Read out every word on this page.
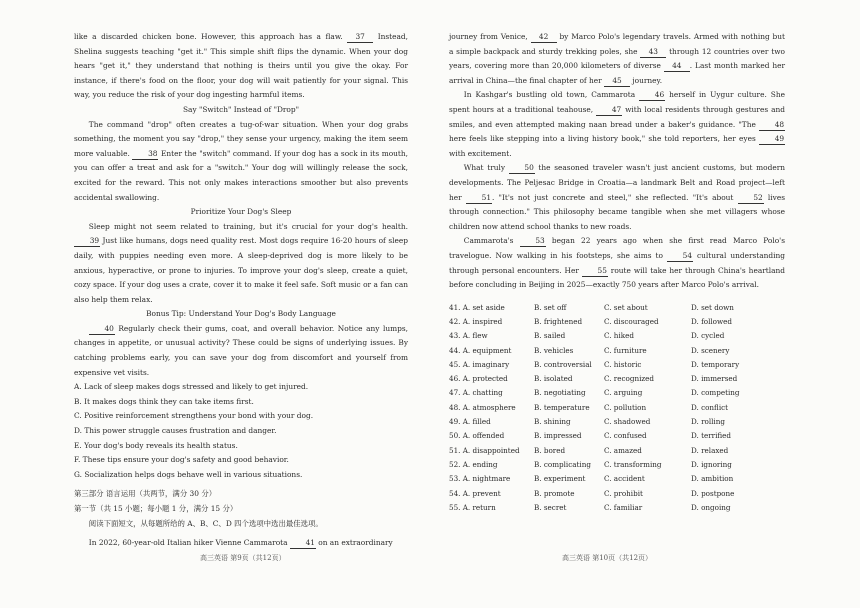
like a discarded chicken bone. However, this approach has a flaw. 37 Instead, Shelina suggests teaching "get it." This simple shift flips the dynamic. When your dog hears "get it," they understand that nothing is theirs until you give the okay. For instance, if there's food on the floor, your dog will wait patiently for your signal. This way, you reduce the risk of your dog ingesting harmful items.

Say "Switch" Instead of "Drop"

The command "drop" often creates a tug-of-war situation. When your dog grabs something, the moment you say "drop," they sense your urgency, making the item seem more valuable. 38 Enter the "switch" command. If your dog has a sock in its mouth, you can offer a treat and ask for a "switch." Your dog will willingly release the sock, excited for the reward. This not only makes interactions smoother but also prevents accidental swallowing.

Prioritize Your Dog's Sleep

Sleep might not seem related to training, but it's crucial for your dog's health. 39 Just like humans, dogs need quality rest. Most dogs require 16-20 hours of sleep daily, with puppies needing even more. A sleep-deprived dog is more likely to be anxious, hyperactive, or prone to injuries. To improve your dog's sleep, create a quiet, cozy space. If your dog uses a crate, cover it to make it feel safe. Soft music or a fan can also help them relax.

Bonus Tip: Understand Your Dog's Body Language

40 Regularly check their gums, coat, and overall behavior. Notice any lumps, changes in appetite, or unusual activity? These could be signs of underlying issues. By catching problems early, you can save your dog from discomfort and yourself from expensive vet visits.

A. Lack of sleep makes dogs stressed and likely to get injured.

B. It makes dogs think they can take items first.

C. Positive reinforcement strengthens your bond with your dog.

D. This power struggle causes frustration and danger.

E. Your dog's body reveals its health status.

F. These tips ensure your dog's safety and good behavior.

G. Socialization helps dogs behave well in various situations.

第三部分 语言运用（共两节，满分 30 分）

第一节（共 15 小题；每小题 1 分，满分 15 分）

阅读下面短文，从每题所给的 A、B、C、D 四个选项中选出最佳选项。

In 2022, 60-year-old Italian hiker Vienne Cammarota 41 on an extraordinary

journey from Venice, 42 by Marco Polo's legendary travels. Armed with nothing but a simple backpack and sturdy trekking poles, she 43 through 12 countries over two years, covering more than 20,000 kilometers of diverse 44 . Last month marked her arrival in China—the final chapter of her 45 journey.

In Kashgar's bustling old town, Cammarota 46 herself in Uygur culture. She spent hours at a traditional teahouse, 47 with local residents through gestures and smiles, and even attempted making naan bread under a baker's guidance. "The 48 here feels like stepping into a living history book," she told reporters, her eyes 49 with excitement.

What truly 50 the seasoned traveler wasn't just ancient customs, but modern developments. The Peljesac Bridge in Croatia—a landmark Belt and Road project—left her 51. "It's not just concrete and steel," she reflected. "It's about 52 lives through connection." This philosophy became tangible when she met villagers whose children now attend school thanks to new roads.

Cammarota's 53 began 22 years ago when she first read Marco Polo's travelogue. Now walking in his footsteps, she aims to 54 cultural understanding through personal encounters. Her 55 route will take her through China's heartland before concluding in Beijing in 2025—exactly 750 years after Marco Polo's arrival.

41. A. set aside	B. set off	C. set about	D. set down
42. A. inspired	B. frightened	C. discouraged	D. followed
43. A. flew	B. sailed	C. hiked	D. cycled
44. A. equipment	B. vehicles	C. furniture	D. scenery
45. A. imaginary	B. controversial	C. historic	D. temporary
46. A. protected	B. isolated	C. recognized	D. immersed
47. A. chatting	B. negotiating	C. arguing	D. competing
48. A. atmosphere	B. temperature	C. pollution	D. conflict
49. A. filled	B. shining	C. shadowed	D. rolling
50. A. offended	B. impressed	C. confused	D. terrified
51. A. disappointed	B. bored	C. amazed	D. relaxed
52. A. ending	B. complicating	C. transforming	D. ignoring
53. A. nightmare	B. experiment	C. accident	D. ambition
54. A. prevent	B. promote	C. prohibit	D. postpone
55. A. return	B. secret	C. familiar	D. ongoing
高三英语 第9页（共12页）	高三英语 第10页（共12页）
